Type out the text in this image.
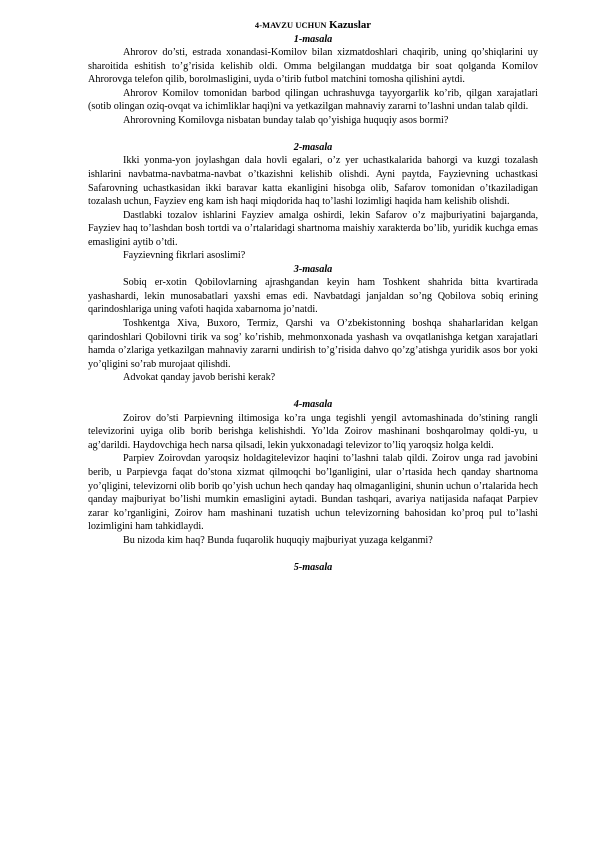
4-MAVZU UCHUN Kazuslar
1-masala

Ahrorov do’sti, estrada xonandasi-Komilov bilan xizmatdoshlari chaqirib, uning qo’shiqlarini uy sharoitida eshitish to’g’risida kelishib oldi. Omma belgilangan muddatga bir soat qolganda Komilov Ahrorovga telefon qilib, borolmasligini, uyda o’tirib futbol matchini tomosha qilishini aytdi.

Ahrorov Komilov tomonidan barbod qilingan uchrashuvga tayyorgarlik ko’rib, qilgan xarajatlari (sotib olingan oziq-ovqat va ichimliklar haqi)ni va yetkazilgan mahnaviy zararni to’lashni undan talab qildi.

Ahrorovning Komilovga nisbatan bunday talab qo’yishiga huquqiy asos bormi?

2-masala

Ikki yonma-yon joylashgan dala hovli egalari, o’z yer uchastkalarida bahorgi va kuzgi tozalash ishlarini navbatma-navbatma-navbat o’tkazishni kelishib olishdi. Ayni paytda, Fayzievning uchastkasi Safarovning uchastkasidan ikki baravar katta ekanligini hisobga olib, Safarov tomonidan o’tkaziladigan tozalash uchun, Fayziev eng kam ish haqi miqdorida haq to’lashi lozimligi haqida ham kelishib olishdi.

Dastlabki tozalov ishlarini Fayziev amalga oshirdi, lekin Safarov o’z majburiyatini bajarganda, Fayziev haq to’lashdan bosh tortdi va o’rtalaridagi shartnoma maishiy xarakterda bo’lib, yuridik kuchga emas emasligini aytib o’tdi.

Fayzievning fikrlari asoslimi?

3-masala

Sobiq er-xotin Qobilovlarning ajrashgandan keyin ham Toshkent shahrida bitta kvartirada yashashardi, lekin munosabatlari yaxshi emas edi. Navbatdagi janjaldan so’ng Qobilova sobiq erining qarindoshlariga uning vafoti haqida xabarnoma jo’natdi.

Toshkentga Xiva, Buxoro, Termiz, Qarshi va O’zbekistonning boshqa shaharlaridan kelgan qarindoshlari Qobilovni tirik va sog’ ko’rishib, mehmonxonada yashash va ovqatlanishga ketgan xarajatlari hamda o’zlariga yetkazilgan mahnaviy zararni undirish to’g’risida dahvo qo’zg’atishga yuridik asos bor yoki yo’qligini so’rab murojaat qilishdi.

Advokat qanday javob berishi kerak?

4-masala

Zoirov do’sti Parpievning iltimosiga ko’ra unga tegishli yengil avtomashinada do’stining rangli televizorini uyiga olib borib berishga kelishishdi. Yo’lda Zoirov mashinani boshqarolmay qoldi-yu, u ag’darildi. Haydovchiga hech narsa qilsadi, lekin yukxonadagi televizor to’liq yaroqsiz holga keldi.

Parpiev Zoirovdan yaroqsiz holdagitelevizor haqini to’lashni talab qildi. Zoirov unga rad javobini berib, u Parpievga faqat do’stona xizmat qilmoqchi bo’lganligini, ular o’rtasida hech qanday shartnoma yo’qligini, televizorni olib borib qo’yish uchun hech qanday haq olmaganligini, shunin uchun o’rtalarida hech qanday majburiyat bo’lishi mumkin emasligini aytadi. Bundan tashqari, avariya natijasida nafaqat Parpiev zarar ko’rganligini, Zoirov ham mashinani tuzatish uchun televizorning bahosidan ko’proq pul to’lashi lozimligini ham tahkidlaydi.

Bu nizoda kim haq? Bunda fuqarolik huquqiy majburiyat yuzaga kelganmi?

5-masala
